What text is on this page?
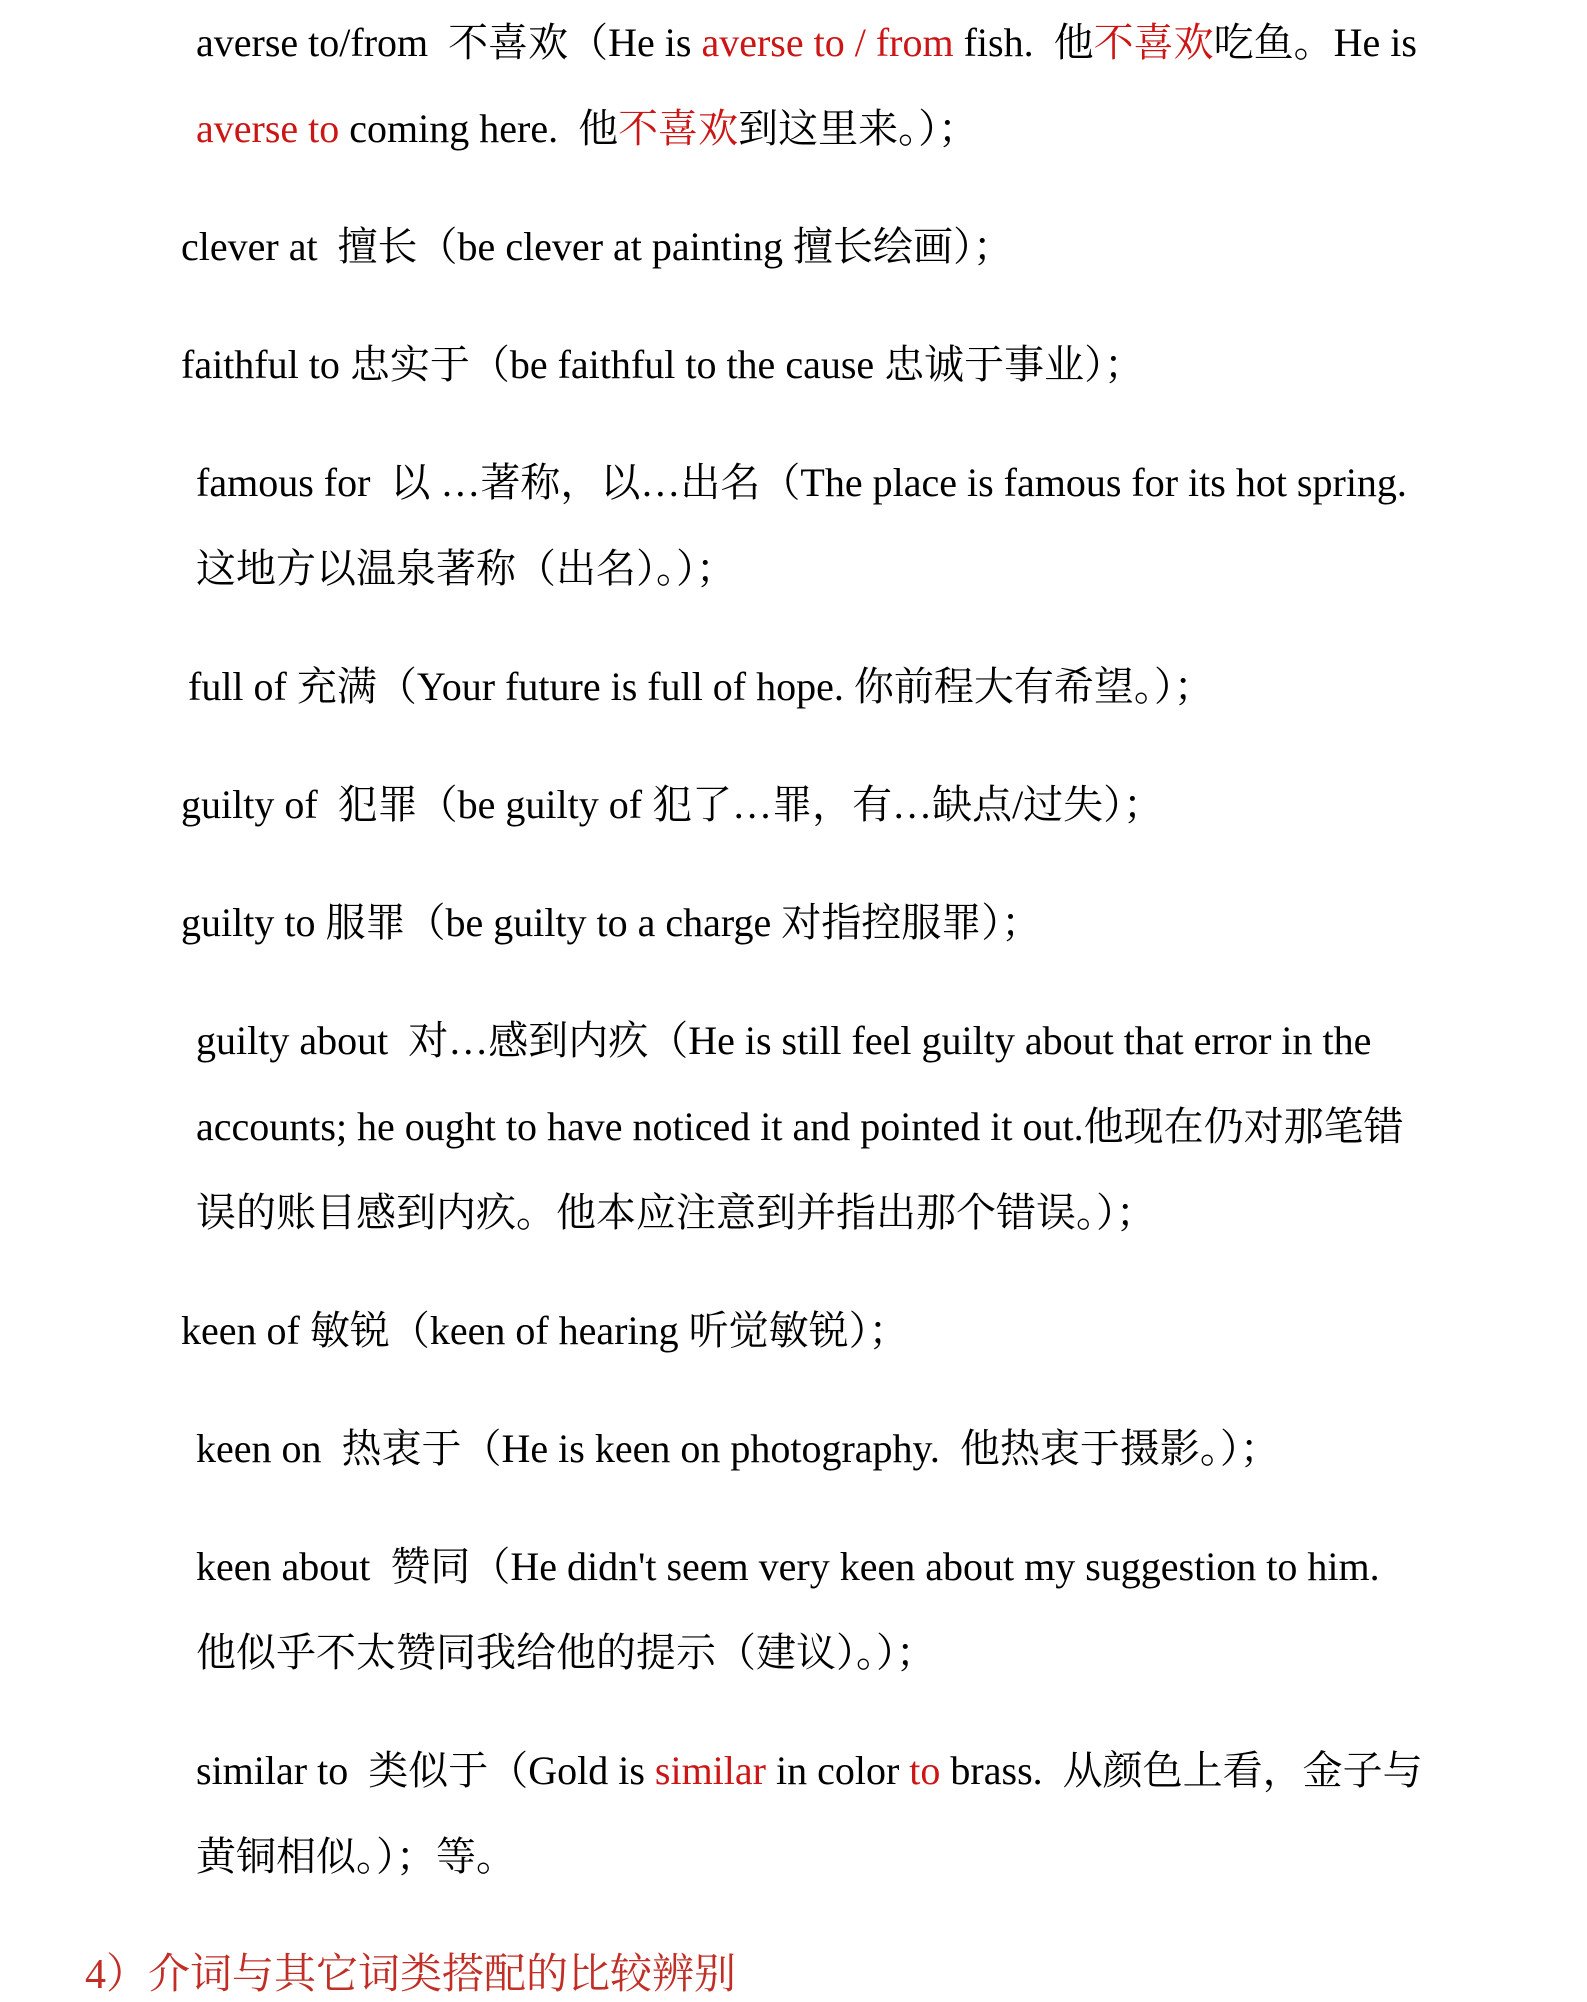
averse to/from  不喜欢（He is averse to / from fish.  他 不喜欢 吃鱼。He is
averse to coming here.  他 不喜欢 到这里来。）；
clever at  擅长（be clever at painting 擅长绘画）；
faithful to 忠实于（be faithful to the cause 忠诚于事业）；
famous for  以 …著称，以…出名（The place is famous for its hot spring.
这地方以温泉著称（出名）。）；
full of 充满（Your future is full of hope. 你前程大有希望。）；
guilty of  犯罪（be guilty of 犯了…罪，有…缺点/过失）；
guilty to 服罪（be guilty to a charge 对指控服罪）；
guilty about  对…感到内疚（He is still feel guilty about that error in the
accounts; he ought to have noticed it and pointed it out.他现在仍对那笔错
误的账目感到内疚。他本应注意到并指出那个错误。）；
keen of 敏锐（keen of hearing 听觉敏锐）；
keen on  热衷于（He is keen on photography.  他热衷于摄影。）；
keen about  赞同（He didn't seem very keen about my suggestion to him.
他似乎不太赞同我给他的提示（建议）。）；
similar to  类似于（Gold is similar in color to brass.  从颜色上看，金子与
黄铜相似。）；等。
4）介词与其它词类搭配的比较辨别
